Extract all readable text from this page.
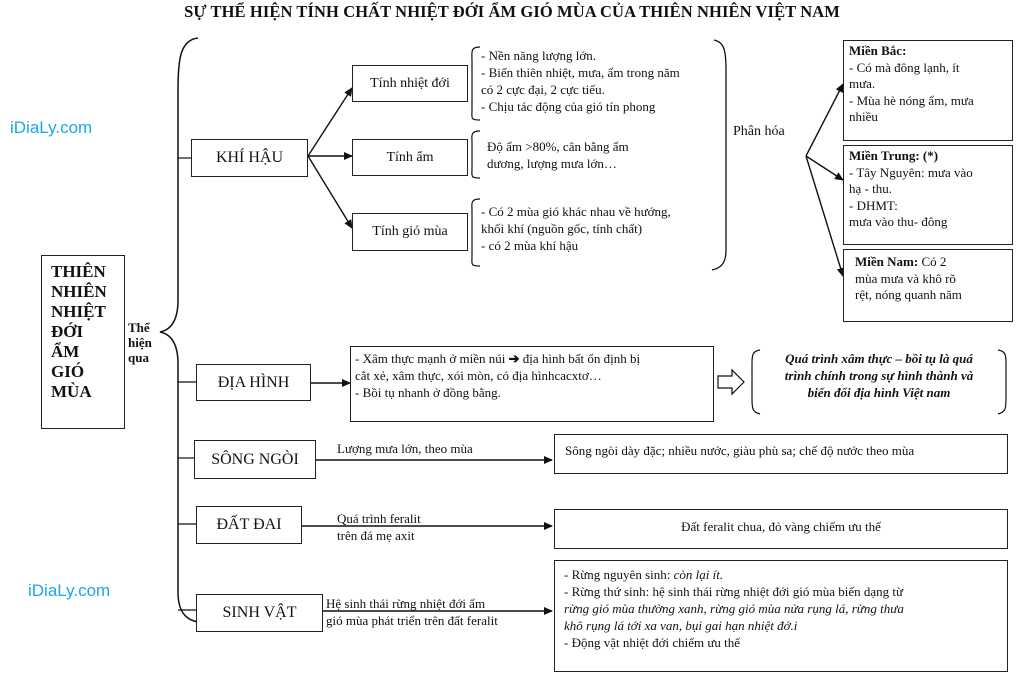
SỰ THỂ HIỆN TÍNH CHẤT NHIỆT ĐỚI ẨM GIÓ MÙA CỦA THIÊN NHIÊN VIỆT NAM
iDiaLy.com
iDiaLy.com
THIÊN
NHIÊN
NHIỆT
ĐỚI
ẨM
GIÓ
MÙA
Thể
hiện
qua
KHÍ HẬU
Tính nhiệt đới
Tính ẩm
Tính gió mùa
- Nền năng lượng lớn.
- Biến thiên nhiệt, mưa, ẩm trong năm
có 2 cực đại, 2 cực tiểu.
- Chịu tác động của gió tín phong
Độ ẩm >80%, cân bằng ẩm
dương, lượng mưa lớn…
- Có 2 mùa gió khác nhau về hướng,
khối khí (nguồn gốc, tính chất)
- có 2 mùa khí hậu
Phân hóa
Miền Bắc:
- Có mà đông lạnh, ít
mưa.
- Mùa hè nóng ẩm, mưa
nhiều
Miền Trung: (*)
- Tây Nguyên: mưa vào
hạ - thu.
- DHMT:
mưa vào thu- đông
Miền Nam: Có 2
mùa mưa và khô rõ
rệt, nóng quanh năm
ĐỊA HÌNH
- Xâm thực mạnh ở miền núi ➔ địa hình bất ổn định bị
cắt xẻ, xâm thực, xói mòn, có địa hìnhcacxtơ…
- Bồi tụ nhanh ở đồng bằng.
Quá trình xâm thực – bồi tụ là quá
trình chính trong sự hình thành và
biến đổi địa hình Việt nam
SÔNG NGÒI
Lượng mưa lớn, theo mùa	Sông ngòi dày đặc; nhiều nước, giàu phù sa; chế độ nước theo mùa
ĐẤT ĐAI	Quá trình feralit
trên đá mẹ axit
Đất feralit chua, đỏ vàng chiếm ưu thế
SINH VẬT
Hệ sinh thái rừng nhiệt đới ẩm
gió mùa phát triển trên đất feralit
- Rừng nguyên sinh: còn lại ít.
- Rừng thứ sinh: hệ sinh thái rừng nhiệt đới gió mùa biến dạng từ
rừng gió mùa thường xanh, rừng gió mùa nửa rụng lá, rừng thưa
khô rụng lá tới xa van, bụi gai hạn nhiệt đớ.i
- Động vật nhiệt đới chiếm ưu thế
